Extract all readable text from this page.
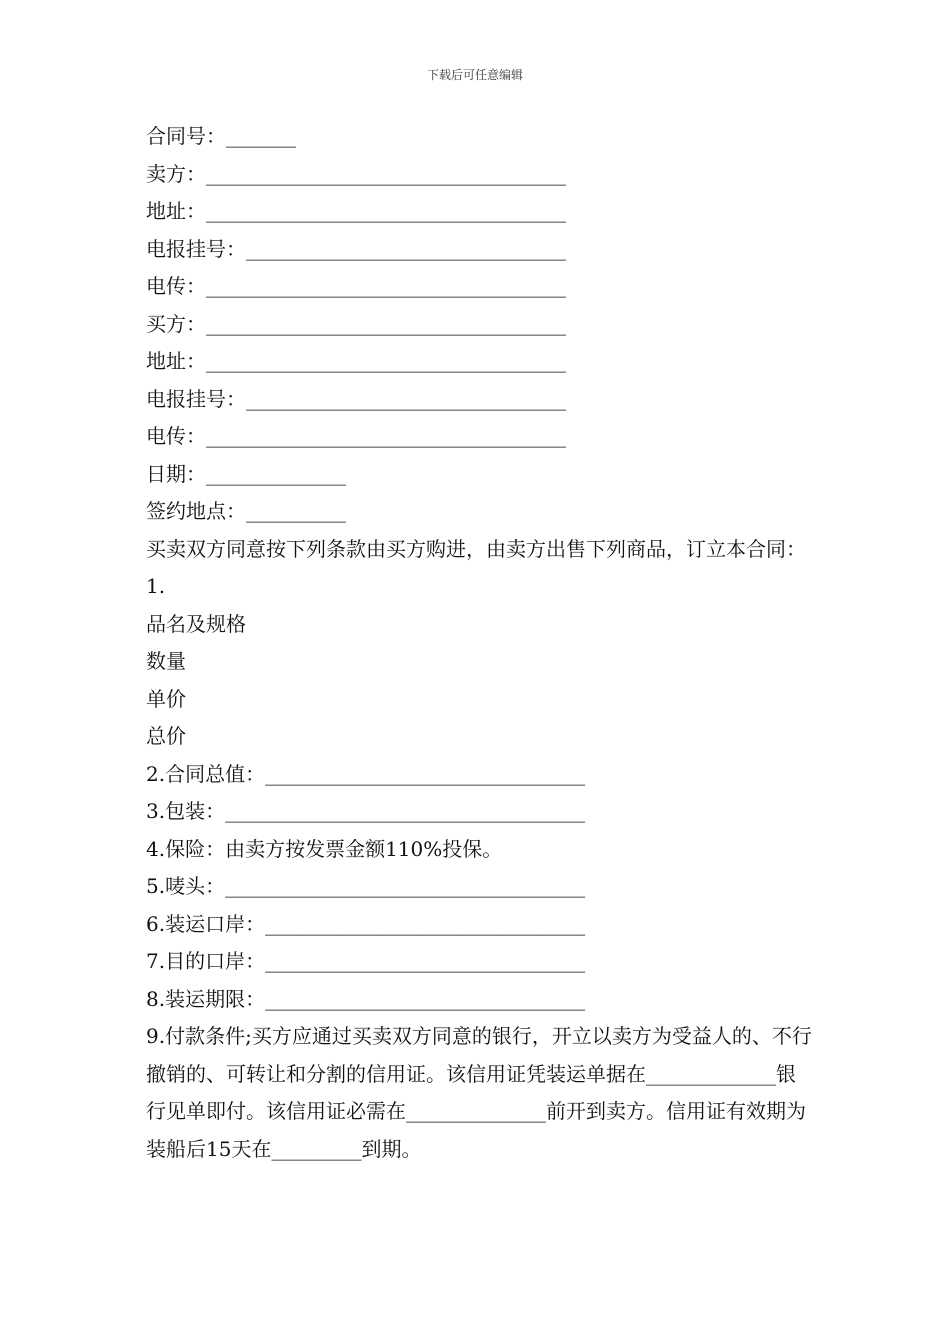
下载后可任意编辑
合同号：_______
卖方：____________________________________
地址：____________________________________
电报挂号：________________________________
电传：____________________________________
买方：____________________________________
地址：____________________________________
电报挂号：________________________________
电传：____________________________________
日期：______________
签约地点：__________
买卖双方同意按下列条款由买方购进，由卖方出售下列商品，订立本合同：
1.
品名及规格
数量
单价
总价
2.合同总值：________________________________
3.包装：____________________________________
4.保险：由卖方按发票金额110%投保。
5.唛头：____________________________________
6.装运口岸：________________________________
7.目的口岸：________________________________
8.装运期限：________________________________
9.付款条件;买方应通过买卖双方同意的银行，开立以卖方为受益人的、不行撤销的、可转让和分割的信用证。该信用证凭装运单据在_____________银行见单即付。该信用证必需在______________前开到卖方。信用证有效期为装船后15天在_________到期。
